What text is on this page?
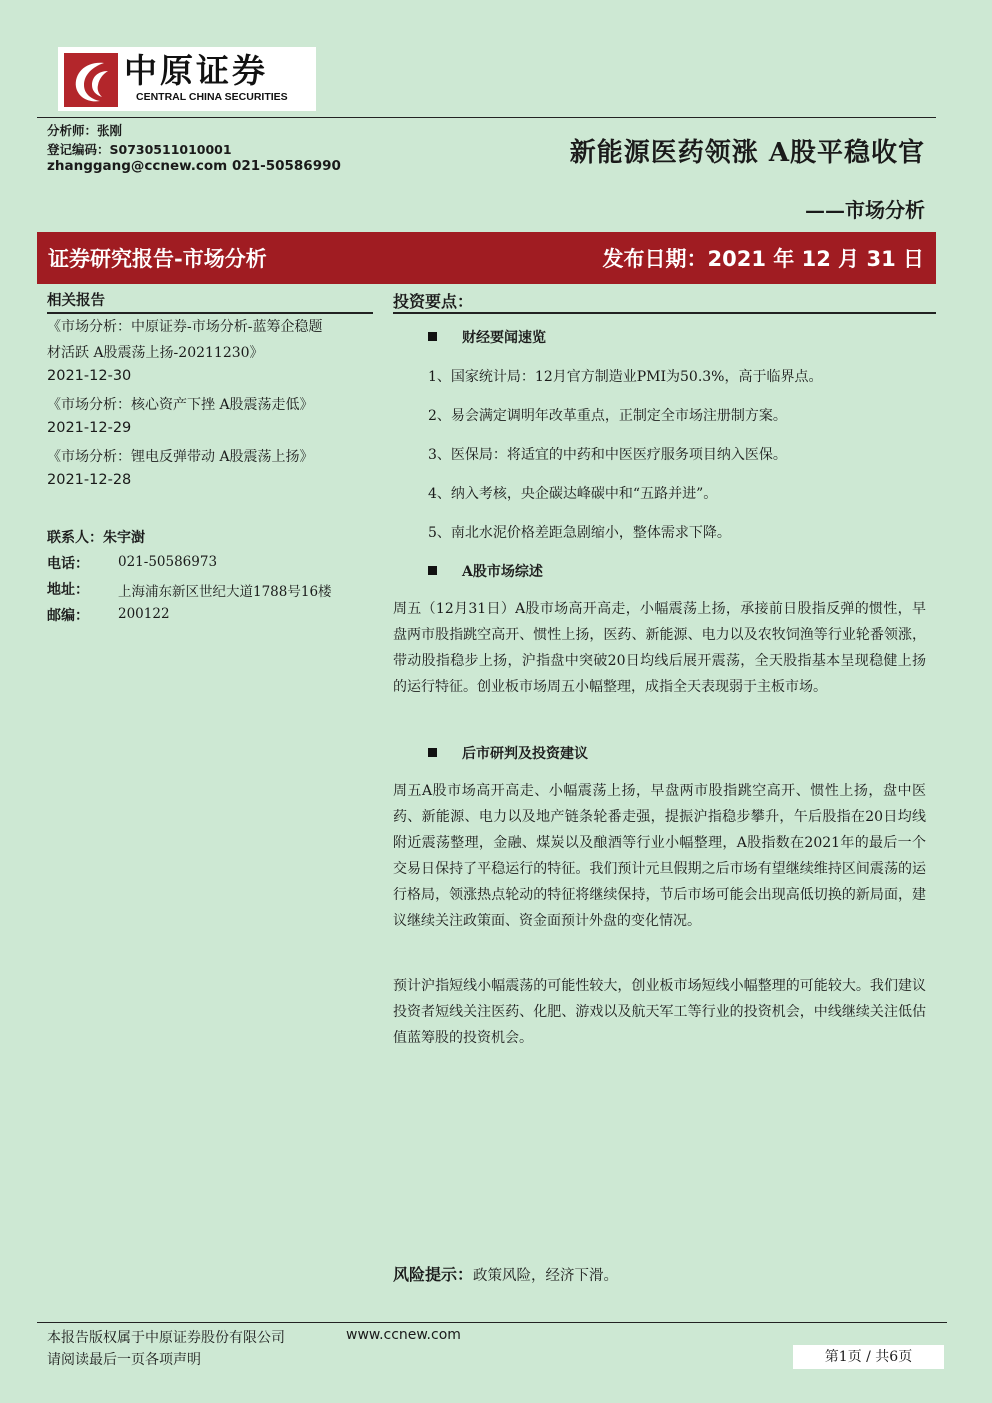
中原证券
CENTRAL CHINA SECURITIES
分析师：张刚
登记编码：S0730511010001
zhanggang@ccnew.com 021-50586990	新能源医药领涨 A股平稳收官
——市场分析
证券研究报告-市场分析	发布日期：2021 年 12 月 31 日
相关报告
《市场分析：中原证券-市场分析-蓝筹企稳题
材活跃 A股震荡上扬-20211230》
2021-12-30
《市场分析：核心资产下挫 A股震荡走低》
2021-12-29
《市场分析：锂电反弹带动 A股震荡上扬》
2021-12-28
联系人：朱宇澍
电话： 021-50586973
地址： 上海浦东新区世纪大道1788号16楼
邮编： 200122
投资要点：
财经要闻速览
1、国家统计局：12月官方制造业PMI为50.3%，高于临界点。
2、易会满定调明年改革重点，正制定全市场注册制方案。
3、医保局：将适宜的中药和中医医疗服务项目纳入医保。
4、纳入考核，央企碳达峰碳中和“五路并进”。
5、南北水泥价格差距急剧缩小，整体需求下降。
A股市场综述
周五（12月31日）A股市场高开高走，小幅震荡上扬，承接前日股指反弹的惯性，早盘两市股指跳空高开、惯性上扬，医药、新能源、电力以及农牧饲渔等行业轮番领涨，带动股指稳步上扬，沪指盘中突破20日均线后展开震荡，全天股指基本呈现稳健上扬的运行特征。创业板市场周五小幅整理，成指全天表现弱于主板市场。
后市研判及投资建议
周五A股市场高开高走、小幅震荡上扬，早盘两市股指跳空高开、惯性上扬，盘中医药、新能源、电力以及地产链条轮番走强，提振沪指稳步攀升，午后股指在20日均线附近震荡整理，金融、煤炭以及酿酒等行业小幅整理，A股指数在2021年的最后一个交易日保持了平稳运行的特征。我们预计元旦假期之后市场有望继续维持区间震荡的运行格局，领涨热点轮动的特征将继续保持，节后市场可能会出现高低切换的新局面，建议继续关注政策面、资金面预计外盘的变化情况。
预计沪指短线小幅震荡的可能性较大，创业板市场短线小幅整理的可能较大。我们建议投资者短线关注医药、化肥、游戏以及航天军工等行业的投资机会，中线继续关注低估值蓝筹股的投资机会。
风险提示：政策风险，经济下滑。
本报告版权属于中原证券股份有限公司	www.ccnew.com
请阅读最后一页各项声明	第1页 / 共6页
